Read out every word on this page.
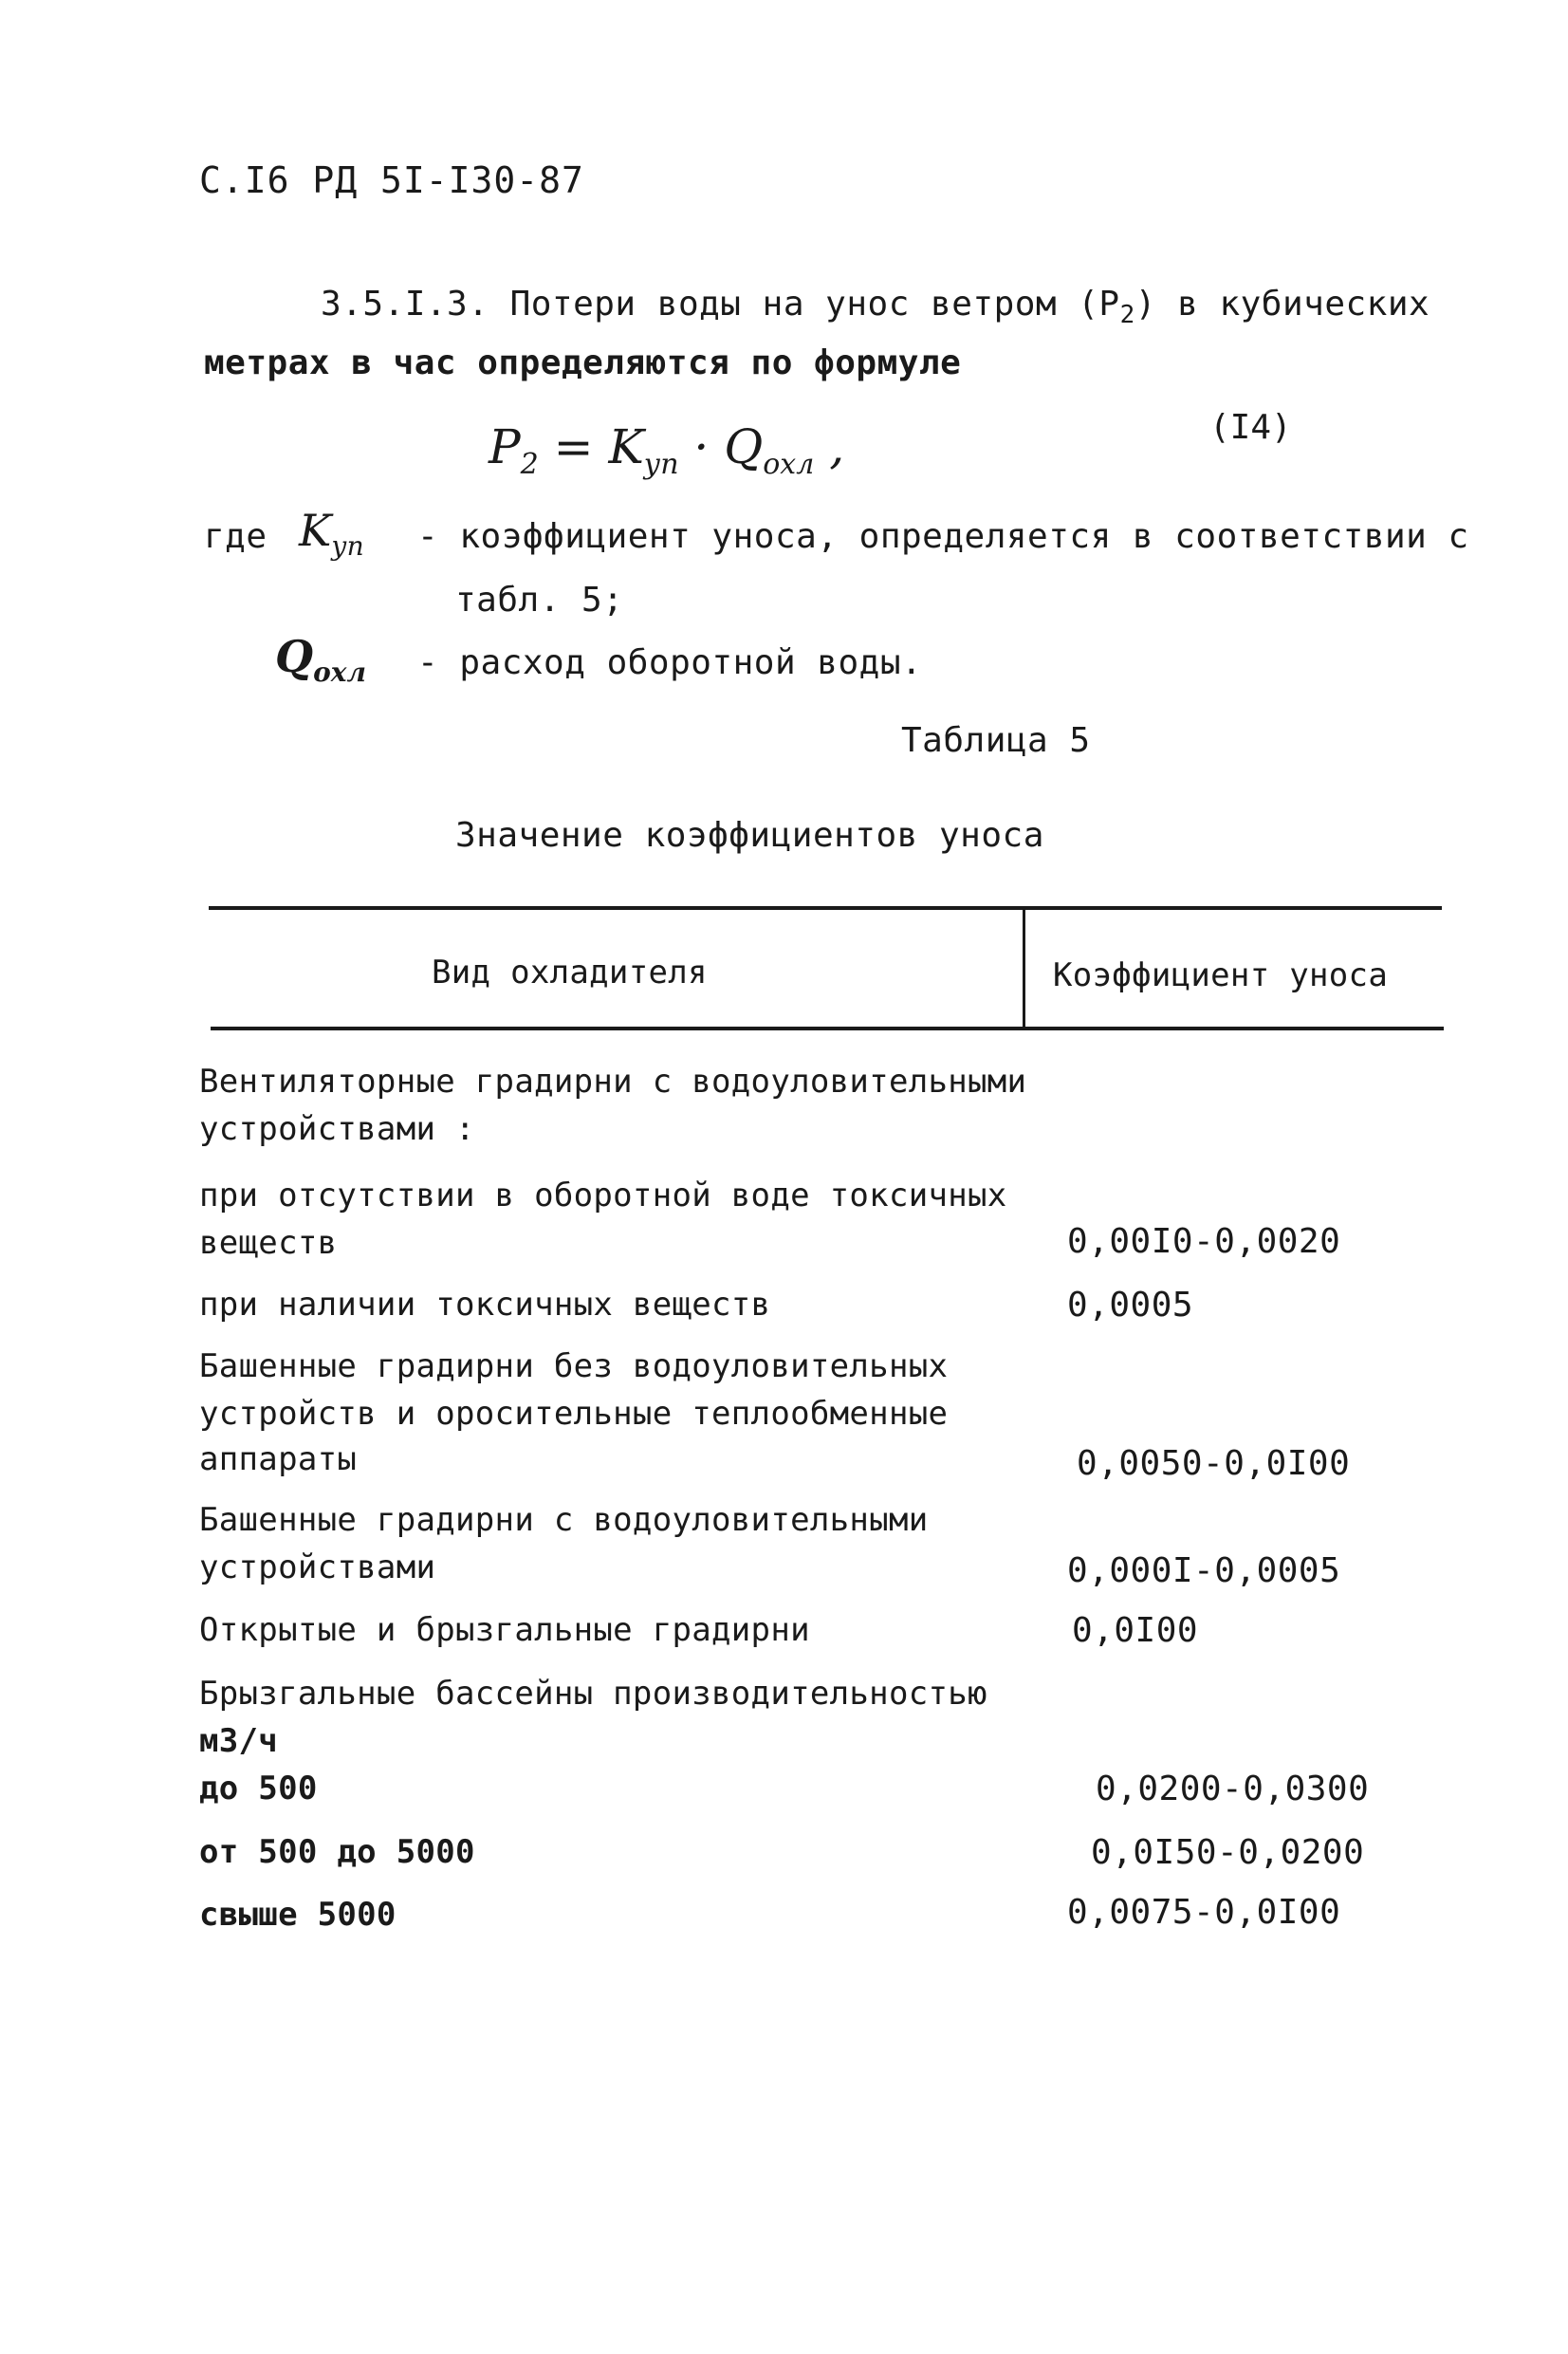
С.I6 РД 5I-I30-87
3.5.I.3. Потери воды на унос ветром $(P_2)$ в кубических
метрах в час определяются по формуле
$P_2 = K_{уп} \cdot Q_{охл}$ ,	(I4)
где $K_{уп}$ - коэффициент уноса, определяется в соответствии с
табл. 5;
$Q_{охл}$ - расход оборотной воды.
Таблица 5
Значение коэффициентов уноса
Вид охладителя	Коэффициент уноса
Вентиляторные градирни с водоуловительными
устройствами :
при отсутствии в оборотной воде токсичных
веществ	0,00I0-0,0020
при наличии токсичных веществ	0,0005
Башенные градирни без водоуловительных
устройств и оросительные теплообменные
аппараты	0,0050-0,0I00
Башенные градирни с водоуловительными
устройствами	0,000I-0,0005
Открытые и брызгальные градирни	0,0I00
Брызгальные бассейны производительностью
м3/ч
до 500	0,0200-0,0300
от 500 до 5000	0,0I50-0,0200
свыше 5000	0,0075-0,0I00
